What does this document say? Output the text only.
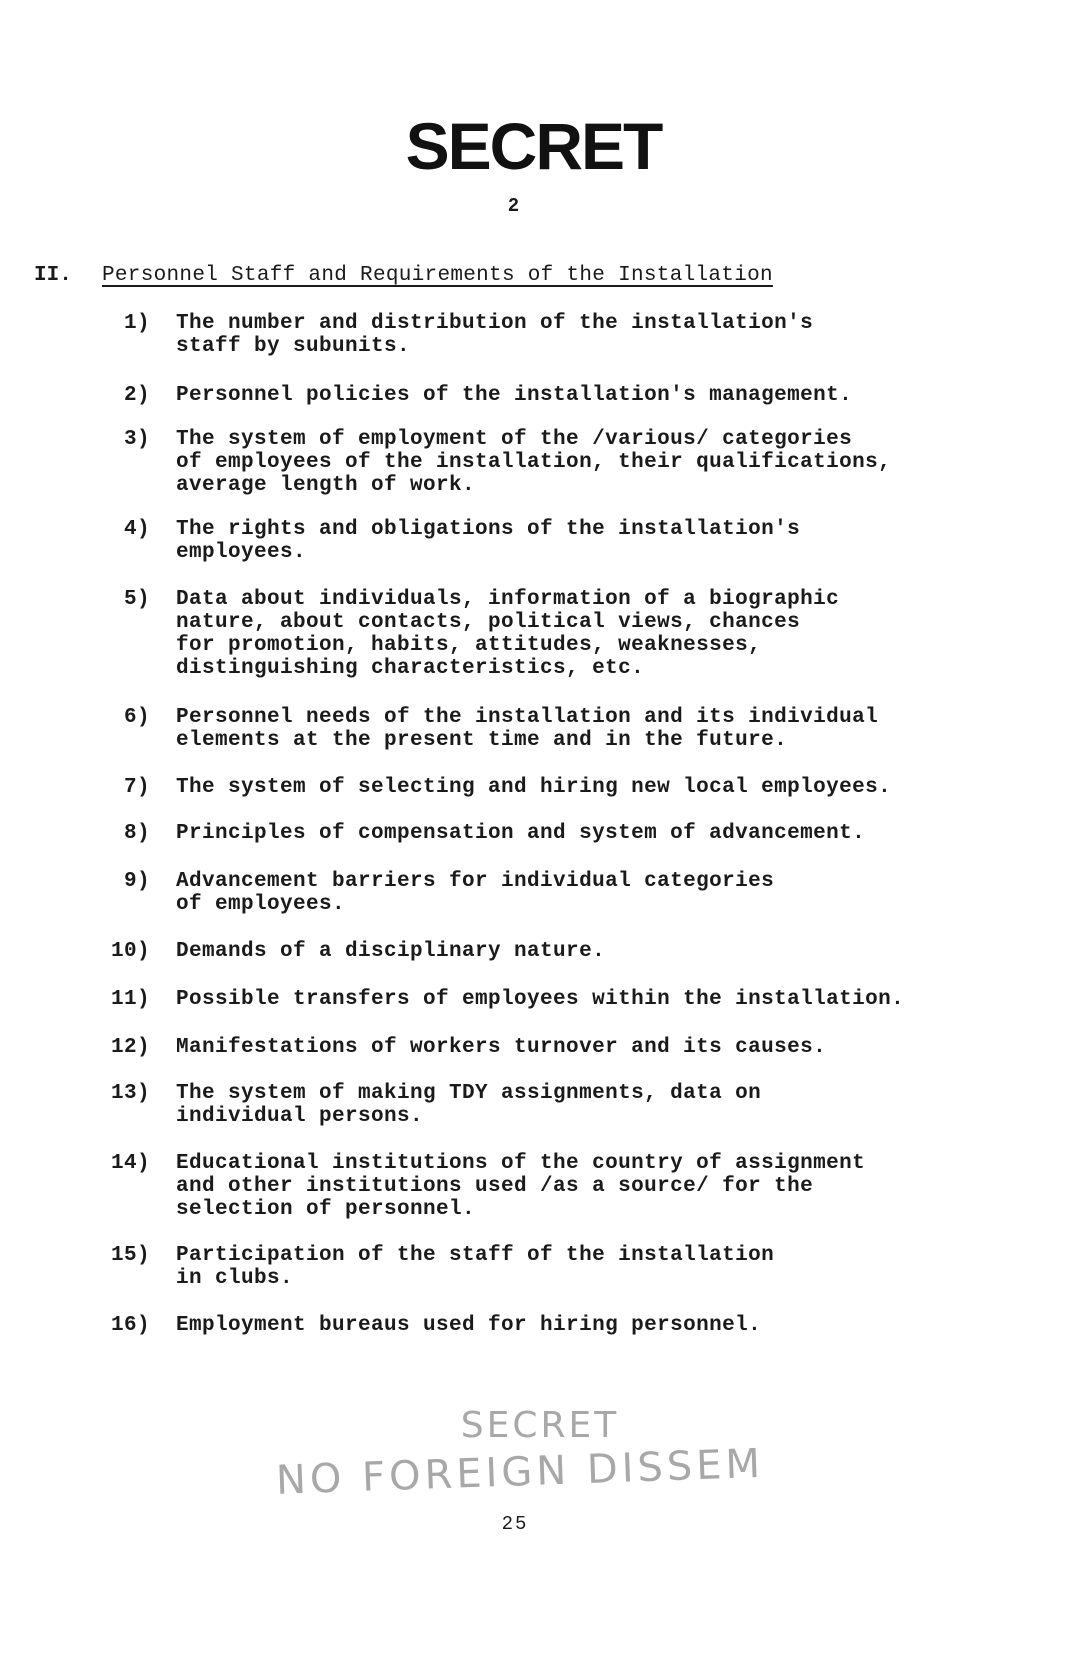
SECRET
2
II. Personnel Staff and Requirements of the Installation
1)	The number and distribution of the installation's
staff by subunits.
2)	Personnel policies of the installation's management.
3)	The system of employment of the /various/ categories
of employees of the installation, their qualifications,
average length of work.
4)	The rights and obligations of the installation's
employees.
5)	Data about individuals, information of a biographic
nature, about contacts, political views, chances
for promotion, habits, attitudes, weaknesses,
distinguishing characteristics, etc.
6)	Personnel needs of the installation and its individual
elements at the present time and in the future.
7)	The system of selecting and hiring new local employees.
8)	Principles of compensation and system of advancement.
9)	Advancement barriers for individual categories
of employees.
10)	Demands of a disciplinary nature.
11)	Possible transfers of employees within the installation.
12)	Manifestations of workers turnover and its causes.
13)	The system of making TDY assignments, data on
individual persons.
14)	Educational institutions of the country of assignment
and other institutions used /as a source/ for the
selection of personnel.
15)	Participation of the staff of the installation
in clubs.
16)	Employment bureaus used for hiring personnel.
SECRET
NO FOREIGN DISSEM
25
